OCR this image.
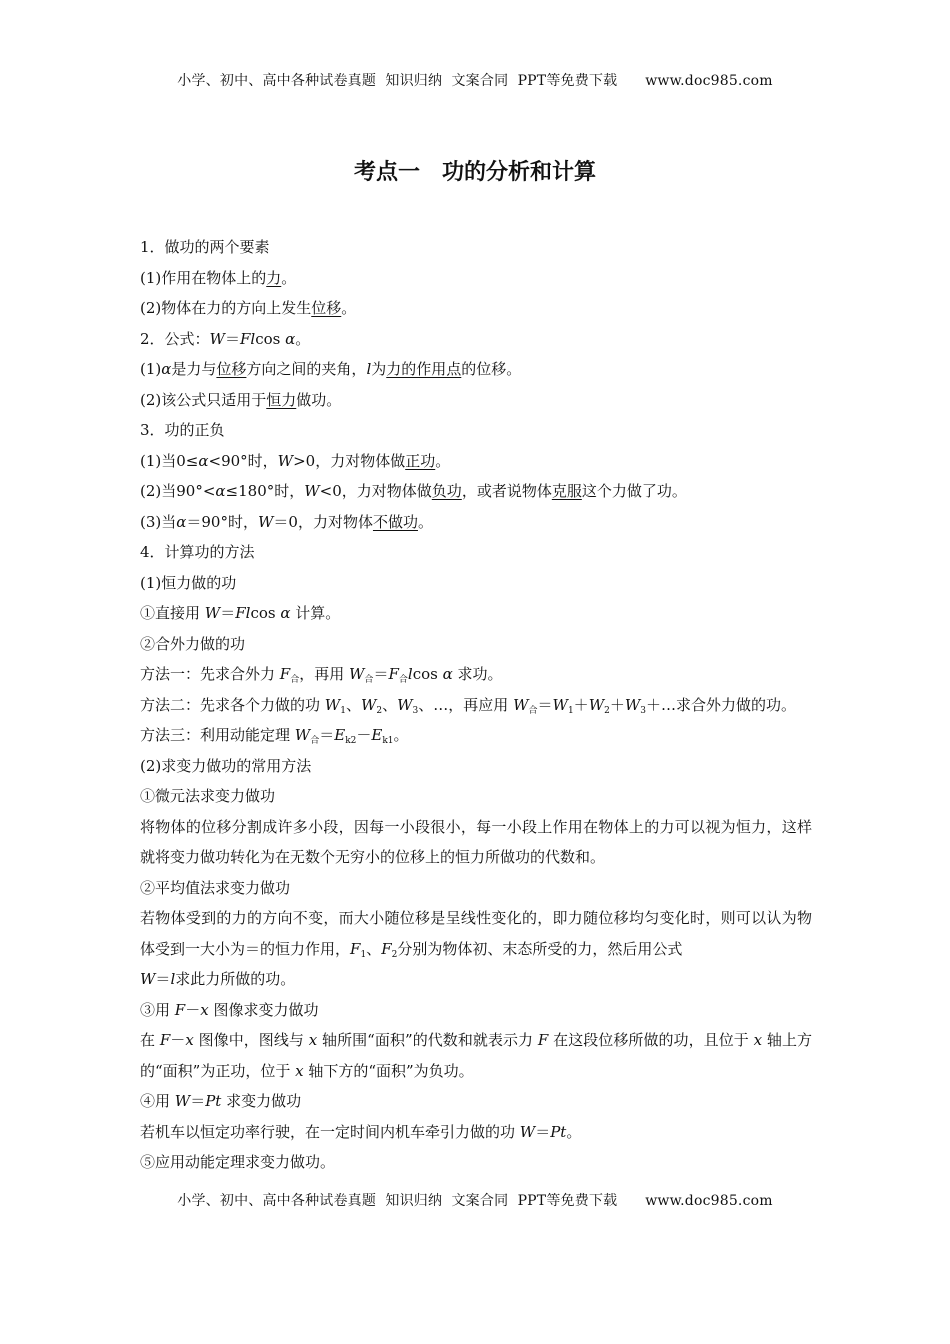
小学、初中、高中各种试卷真题  知识归纳  文案合同  PPT等免费下载      www.doc985.com
考点一　功的分析和计算
1．做功的两个要素
(1)作用在物体上的力。
(2)物体在力的方向上发生位移。
2．公式：W＝Flcos α。
(1)α是力与位移方向之间的夹角，l为力的作用点的位移。
(2)该公式只适用于恒力做功。
3．功的正负
(1)当0≤α<90°时，W>0，力对物体做正功。
(2)当90°<α≤180°时，W<0，力对物体做负功，或者说物体克服这个力做了功。
(3)当α＝90°时，W＝0，力对物体不做功。
4．计算功的方法
(1)恒力做的功
①直接用 W＝Flcos α 计算。
②合外力做的功
方法一：先求合外力 $F_合$，再用 $W_合=F_合lcos$ α 求功。
方法二：先求各个力做的功 $W_1$、$W_2$、$W_3$、…，再应用 $W_合=W_1+W_2+W_3+\dots$求合外力做的功。
方法三：利用动能定理 $W_合=E_{k2}-E_{k1}$。
(2)求变力做功的常用方法
①微元法求变力做功
将物体的位移分割成许多小段，因每一小段很小，每一小段上作用在物体上的力可以视为恒力，这样就将变力做功转化为在无数个无穷小的位移上的恒力所做功的代数和。
②平均值法求变力做功
若物体受到的力的方向不变，而大小随位移是呈线性变化的，即力随位移均匀变化时，则可以认为物体受到一大小为＝的恒力作用，$F_1$、$F_2$分别为物体初、末态所受的力，然后用公式
W＝l求此力所做的功。
③用 F－x 图像求变力做功
在 F－x 图像中，图线与 x 轴所围“面积”的代数和就表示力 F 在这段位移所做的功，且位于 x 轴上方的“面积”为正功，位于 x 轴下方的“面积”为负功。
④用 W＝Pt 求变力做功
若机车以恒定功率行驶，在一定时间内机车牵引力做的功 W＝Pt。
⑤应用动能定理求变力做功。
小学、初中、高中各种试卷真题  知识归纳  文案合同  PPT等免费下载      www.doc985.com
